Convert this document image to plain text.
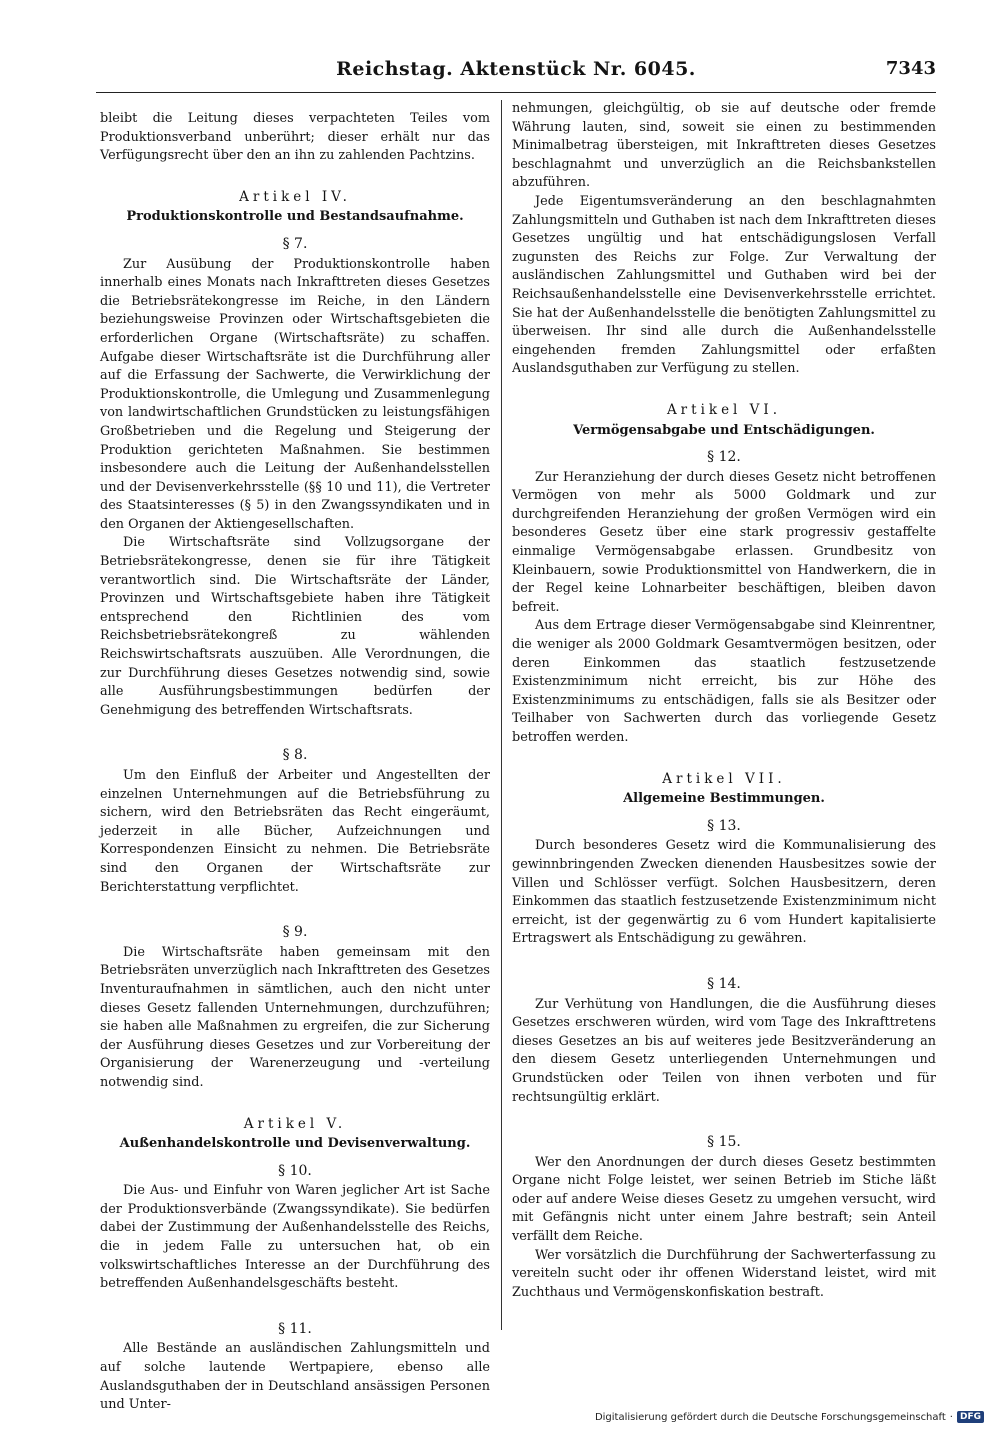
Reichstag. Aktenstück Nr. 6045.	7343

bleibt die Leitung dieses verpachteten Teiles vom Produktionsverband unberührt; dieser erhält nur das Verfügungsrecht über den an ihn zu zahlenden Pachtzins.

Artikel IV.
Produktionskontrolle und Bestandsaufnahme.
§ 7.

Zur Ausübung der Produktionskontrolle haben innerhalb eines Monats nach Inkrafttreten dieses Gesetzes die Betriebsrätekongresse im Reiche, in den Ländern beziehungsweise Provinzen oder Wirtschaftsgebieten die erforderlichen Organe (Wirtschaftsräte) zu schaffen. Aufgabe dieser Wirtschaftsräte ist die Durchführung aller auf die Erfassung der Sachwerte, die Verwirklichung der Produktionskontrolle, die Umlegung und Zusammenlegung von landwirtschaftlichen Grundstücken zu leistungsfähigen Großbetrieben und die Regelung und Steigerung der Produktion gerichteten Maßnahmen. Sie bestimmen insbesondere auch die Leitung der Außenhandelsstellen und der Devisenverkehrsstelle (§§ 10 und 11), die Vertreter des Staatsinteresses (§ 5) in den Zwangssyndikaten und in den Organen der Aktiengesellschaften.

Die Wirtschaftsräte sind Vollzugsorgane der Betriebsrätekongresse, denen sie für ihre Tätigkeit verantwortlich sind. Die Wirtschaftsräte der Länder, Provinzen und Wirtschaftsgebiete haben ihre Tätigkeit entsprechend den Richtlinien des vom Reichsbetriebsrätekongreß zu wählenden Reichswirtschaftsrats auszuüben. Alle Verordnungen, die zur Durchführung dieses Gesetzes notwendig sind, sowie alle Ausführungsbestimmungen bedürfen der Genehmigung des betreffenden Wirtschaftsrats.

§ 8.

Um den Einfluß der Arbeiter und Angestellten der einzelnen Unternehmungen auf die Betriebsführung zu sichern, wird den Betriebsräten das Recht eingeräumt, jederzeit in alle Bücher, Aufzeichnungen und Korrespondenzen Einsicht zu nehmen. Die Betriebsräte sind den Organen der Wirtschaftsräte zur Berichterstattung verpflichtet.

§ 9.

Die Wirtschaftsräte haben gemeinsam mit den Betriebsräten unverzüglich nach Inkrafttreten des Gesetzes Inventuraufnahmen in sämtlichen, auch den nicht unter dieses Gesetz fallenden Unternehmungen, durchzuführen; sie haben alle Maßnahmen zu ergreifen, die zur Sicherung der Ausführung dieses Gesetzes und zur Vorbereitung der Organisierung der Warenerzeugung und -verteilung notwendig sind.

Artikel V.
Außenhandelskontrolle und Devisenverwaltung.
§ 10.

Die Aus- und Einfuhr von Waren jeglicher Art ist Sache der Produktionsverbände (Zwangssyndikate). Sie bedürfen dabei der Zustimmung der Außenhandelsstelle des Reichs, die in jedem Falle zu untersuchen hat, ob ein volkswirtschaftliches Interesse an der Durchführung des betreffenden Außenhandelsgeschäfts besteht.

§ 11.

Alle Bestände an ausländischen Zahlungsmitteln und auf solche lautende Wertpapiere, ebenso alle Auslandsguthaben der in Deutschland ansässigen Personen und Unter-

nehmungen, gleichgültig, ob sie auf deutsche oder fremde Währung lauten, sind, soweit sie einen zu bestimmenden Minimalbetrag übersteigen, mit Inkrafttreten dieses Gesetzes beschlagnahmt und unverzüglich an die Reichsbankstellen abzuführen.

Jede Eigentumsveränderung an den beschlagnahmten Zahlungsmitteln und Guthaben ist nach dem Inkrafttreten dieses Gesetzes ungültig und hat entschädigungslosen Verfall zugunsten des Reichs zur Folge. Zur Verwaltung der ausländischen Zahlungsmittel und Guthaben wird bei der Reichsaußenhandelsstelle eine Devisenverkehrsstelle errichtet. Sie hat der Außenhandelsstelle die benötigten Zahlungsmittel zu überweisen. Ihr sind alle durch die Außenhandelsstelle eingehenden fremden Zahlungsmittel oder erfaßten Auslandsguthaben zur Verfügung zu stellen.

Artikel VI.
Vermögensabgabe und Entschädigungen.
§ 12.

Zur Heranziehung der durch dieses Gesetz nicht betroffenen Vermögen von mehr als 5000 Goldmark und zur durchgreifenden Heranziehung der großen Vermögen wird ein besonderes Gesetz über eine stark progressiv gestaffelte einmalige Vermögensabgabe erlassen. Grundbesitz von Kleinbauern, sowie Produktionsmittel von Handwerkern, die in der Regel keine Lohnarbeiter beschäftigen, bleiben davon befreit.

Aus dem Ertrage dieser Vermögensabgabe sind Kleinrentner, die weniger als 2000 Goldmark Gesamtvermögen besitzen, oder deren Einkommen das staatlich festzusetzende Existenzminimum nicht erreicht, bis zur Höhe des Existenzminimums zu entschädigen, falls sie als Besitzer oder Teilhaber von Sachwerten durch das vorliegende Gesetz betroffen werden.

Artikel VII.
Allgemeine Bestimmungen.
§ 13.

Durch besonderes Gesetz wird die Kommunalisierung des gewinnbringenden Zwecken dienenden Hausbesitzes sowie der Villen und Schlösser verfügt. Solchen Hausbesitzern, deren Einkommen das staatlich festzusetzende Existenzminimum nicht erreicht, ist der gegenwärtig zu 6 vom Hundert kapitalisierte Ertragswert als Entschädigung zu gewähren.

§ 14.

Zur Verhütung von Handlungen, die die Ausführung dieses Gesetzes erschweren würden, wird vom Tage des Inkrafttretens dieses Gesetzes an bis auf weiteres jede Besitzveränderung an den diesem Gesetz unterliegenden Unternehmungen und Grundstücken oder Teilen von ihnen verboten und für rechtsungültig erklärt.

§ 15.

Wer den Anordnungen der durch dieses Gesetz bestimmten Organe nicht Folge leistet, wer seinen Betrieb im Stiche läßt oder auf andere Weise dieses Gesetz zu umgehen versucht, wird mit Gefängnis nicht unter einem Jahre bestraft; sein Anteil verfällt dem Reiche.

Wer vorsätzlich die Durchführung der Sachwerterfassung zu vereiteln sucht oder ihr offenen Widerstand leistet, wird mit Zuchthaus und Vermögenskonfiskation bestraft.

Digitalisierung gefördert durch die Deutsche Forschungsgemeinschaft · DFG
